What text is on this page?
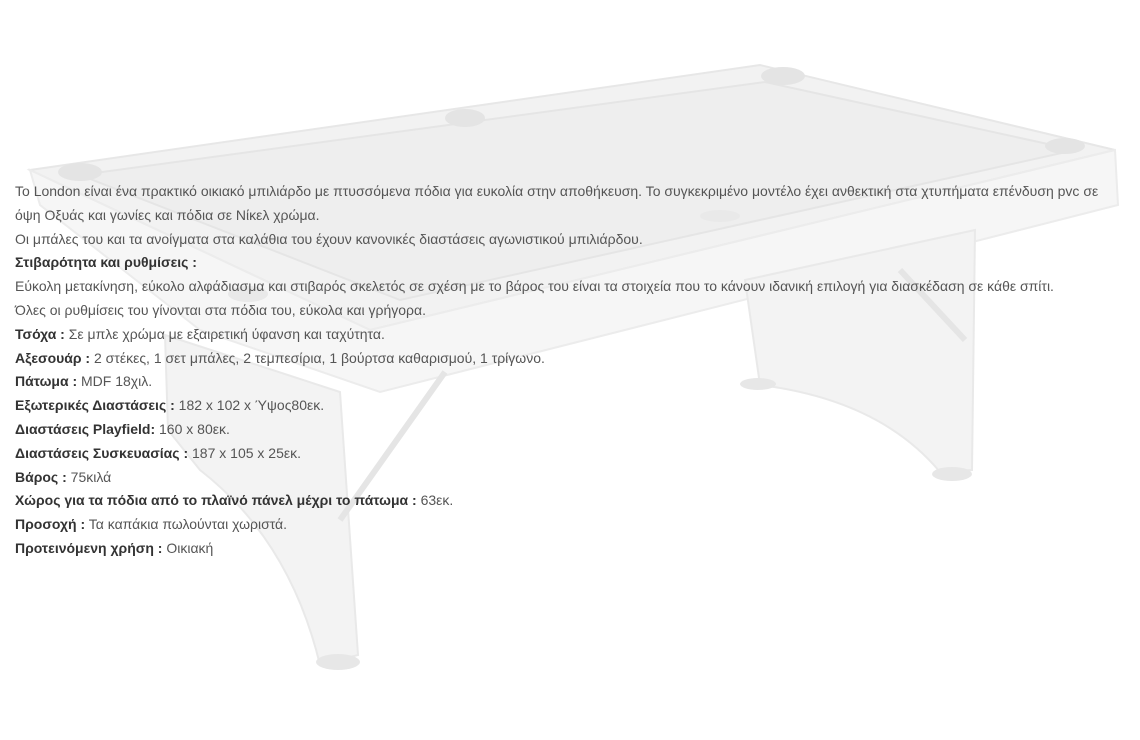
Το London είναι ένα πρακτικό οικιακό μπιλιάρδο με πτυσσόμενα πόδια για ευκολία στην αποθήκευση. Το συγκεκριμένο μοντέλο έχει ανθεκτική στα χτυπήματα επένδυση pvc σε όψη Οξυάς και γωνίες και πόδια σε Νίκελ χρώμα.

Οι μπάλες του και τα ανοίγματα στα καλάθια του έχουν κανονικές διαστάσεις αγωνιστικού μπιλιάρδου.

Στιβαρότητα και ρυθμίσεις :

Εύκολη μετακίνηση, εύκολο αλφάδιασμα και στιβαρός σκελετός σε σχέση με το βάρος του είναι τα στοιχεία που το κάνουν ιδανική επιλογή για διασκέδαση σε κάθε σπίτι.

Όλες οι ρυθμίσεις του γίνονται στα πόδια του, εύκολα και γρήγορα.

Τσόχα : Σε μπλε χρώμα με εξαιρετική ύφανση και ταχύτητα.

Αξεσουάρ : 2 στέκες, 1 σετ μπάλες, 2 τεμπεσίρια, 1 βούρτσα καθαρισμού, 1 τρίγωνο.

Πάτωμα : MDF 18χιλ.

Εξωτερικές Διαστάσεις : 182 x 102 x Ύψος80εκ.

Διαστάσεις Playfield: 160 x 80εκ.

Διαστάσεις Συσκευασίας : 187 x 105 x 25εκ.

Βάρος : 75κιλά

Χώρος για τα πόδια από το πλαϊνό πάνελ μέχρι το πάτωμα : 63εκ.

Προσοχή : Τα καπάκια πωλούνται χωριστά.

Προτεινόμενη χρήση : Οικιακή
